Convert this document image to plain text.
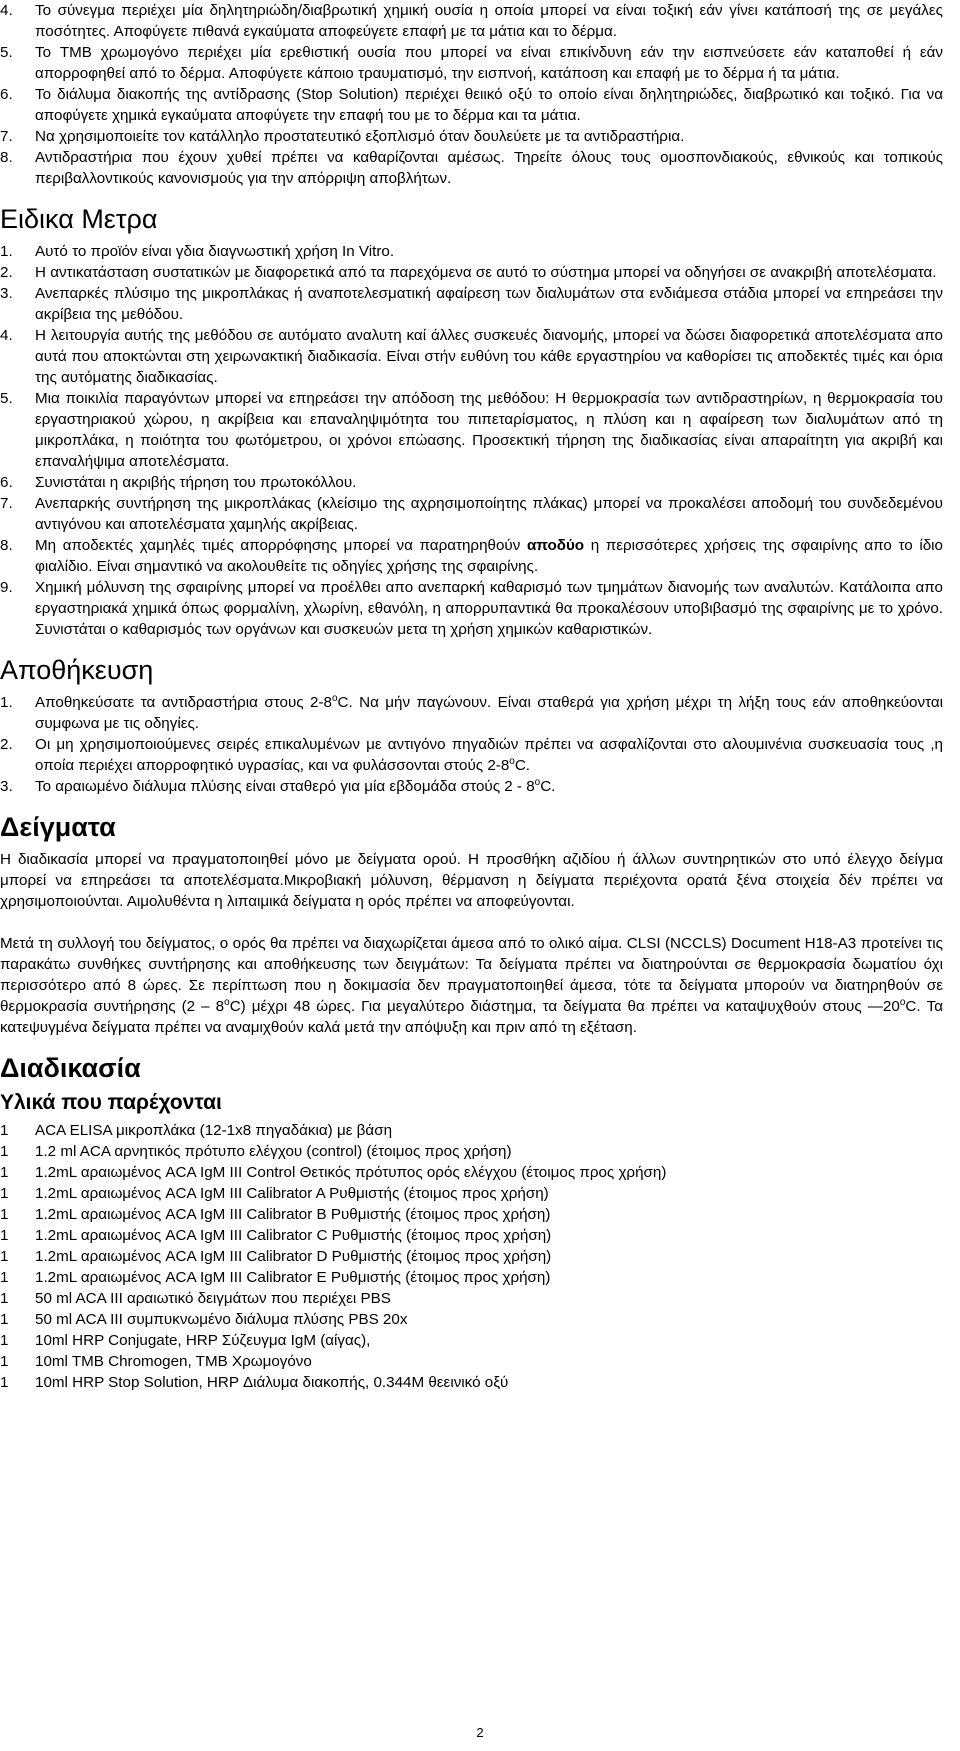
4. Το σύνεγμα περιέχει μία δηλητηριώδη/διαβρωτική χημική ουσία η οποία μπορεί να είναι τοξική εάν γίνει κατάποσή της σε μεγάλες ποσότητες. Αποφύγετε πιθανά εγκαύματα αποφεύγετε επαφή με τα μάτια και το δέρμα.
5. Το TMB χρωμογόνο περιέχει μία ερεθιστική ουσία που μπορεί να είναι επικίνδυνη εάν την εισπνεύσετε εάν καταποθεί ή εάν απορροφηθεί από το δέρμα. Αποφύγετε κάποιο τραυματισμό, την εισπνοή, κατάποση και επαφή με το δέρμα ή τα μάτια.
6. Το διάλυμα διακοπής της αντίδρασης (Stop Solution) περιέχει θειικό οξύ το οποίο είναι δηλητηριώδες, διαβρωτικό και τοξικό. Για να αποφύγετε χημικά εγκαύματα αποφύγετε την επαφή του με το δέρμα και τα μάτια.
7. Να χρησιμοποιείτε τον κατάλληλο προστατευτικό εξοπλισμό όταν δουλεύετε με τα αντιδραστήρια.
8. Αντιδραστήρια που έχουν χυθεί πρέπει να καθαρίζονται αμέσως. Τηρείτε όλους τους ομοσπονδιακούς, εθνικούς και τοπικούς περιβαλλοντικούς κανονισμούς για την απόρριψη αποβλήτων.
Ειδικα Μετρα
1. Αυτό το προϊόν είναι γδια διαγνωστική χρήση In Vitro.
2. Η αντικατάσταση συστατικών με διαφορετικά από τα παρεχόμενα σε αυτό το σύστημα μπορεί να οδηγήσει σε ανακριβή αποτελέσματα.
3. Ανεπαρκές πλύσιμο της μικροπλάκας ή αναποτελεσματική αφαίρεση των διαλυμάτων στα ενδιάμεσα στάδια μπορεί να επηρεάσει την ακρίβεια της μεθόδου.
4. Η λειτουργία αυτής της μεθόδου σε αυτόματο αναλυτη καί άλλες συσκευές διανομής, μπορεί να δώσει διαφορετικά αποτελέσματα απο αυτά που αποκτώνται στη χειρωνακτική διαδικασία. Είναι στήν ευθύνη του κάθε εργαστηρίου να καθορίσει τις αποδεκτές τιμές και όρια της αυτόματης διαδικασίας.
5. Μια ποικιλία παραγόντων μπορεί να επηρεάσει την απόδοση της μεθόδου: Η θερμοκρασία των αντιδραστηρίων, η θερμοκρασία του εργαστηριακού χώρου, η ακρίβεια και επαναληψιμότητα του πιπεταρίσματος, η πλύση και η αφαίρεση των διαλυμάτων από τη μικροπλάκα, η ποιότητα του φωτόμετρου, οι χρόνοι επώασης. Προσεκτική τήρηση της διαδικασίας είναι απαραίτητη για ακριβή και επαναλήψιμα αποτελέσματα.
6. Συνιστάται η ακριβής τήρηση του πρωτοκόλλου.
7. Ανεπαρκής συντήρηση της μικροπλάκας (κλείσιμο της αχρησιμοποίητης πλάκας) μπορεί να προκαλέσει αποδομή του συνδεδεμένου αντιγόνου και αποτελέσματα χαμηλής ακρίβειας.
8. Μη αποδεκτές χαμηλές τιμές απορρόφησης μπορεί να παρατηρηθούν αποδύο η περισσότερες χρήσεις της σφαιρίνης απο το ίδιο φιαλίδιο. Είναι σημαντικό να ακολουθείτε τις οδηγίες χρήσης της σφαιρίνης.
9. Χημική μόλυνση της σφαιρίνης μπορεί να προέλθει απο ανεπαρκή καθαρισμό των τμημάτων διανομής των αναλυτών. Κατάλοιπα απο εργαστηριακά χημικά όπως φορμαλίνη, χλωρίνη, εθανόλη, η απορρυπαντικά θα προκαλέσουν υποβιβασμό της σφαιρίνης με το χρόνο. Συνιστάται ο καθαρισμός των οργάνων και συσκευών μετα τη χρήση χημικών καθαριστικών.
Αποθήκευση
1. Αποθηκεύσατε τα αντιδραστήρια στους 2-8$^o$C. Να μήν παγώνουν. Είναι σταθερά για χρήση μέχρι τη λήξη τους εάν αποθηκεύονται συμφωνα με τις οδηγίες.
2. Οι μη χρησιμοποιούμενες σειρές επικαλυμένων με αντιγόνο πηγαδιών πρέπει να ασφαλίζονται στο αλουμινένια συσκευασία τους ,η οποία περιέχει απορροφητικό υγρασίας, και να φυλάσσονται στούς 2-8$^o$C.
3. Το αραιωμένο διάλυμα πλύσης είναι σταθερό για μία εβδομάδα στούς 2 - 8$^o$C.
Δείγματα

Η διαδικασία μπορεί να πραγματοποιηθεί μόνο με δείγματα ορού. Η προσθήκη αζιδίου ή άλλων συντηρητικών στο υπό έλεγχο δείγμα μπορεί να επηρεάσει τα αποτελέσματα.Μικροβιακή μόλυνση, θέρμανση η δείγματα περιέχοντα ορατά ξένα στοιχεία δέν πρέπει να χρησιμοποιούνται. Αιμολυθέντα η λιπαιμικά δείγματα η ορός πρέπει να αποφεύγονται.

Μετά τη συλλογή του δείγματος, ο ορός θα πρέπει να διαχωρίζεται άμεσα από το ολικό αίμα. CLSI (NCCLS) Document H18-A3 προτείνει τις παρακάτω συνθήκες συντήρησης και αποθήκευσης των δειγμάτων: Τα δείγματα πρέπει να διατηρούνται σε θερμοκρασία δωματίου όχι περισσότερο από 8 ώρες. Σε περίπτωση που η δοκιμασία δεν πραγματοποιηθεί άμεσα, τότε τα δείγματα μπορούν να διατηρηθούν σε θερμοκρασία συντήρησης (2 – 8$^o$C) μέχρι 48 ώρες. Για μεγαλύτερο διάστημα, τα δείγματα θα πρέπει να καταψυχθούν στους —20$^o$C. Τα κατεψυγμένα δείγματα πρέπει να αναμιχθούν καλά μετά την απόψυξη και πριν από τη εξέταση.

Διαδικασία
Υλικά που παρέχονται
1 ACA ELISA μικροπλάκα (12-1x8 πηγαδάκια) με βάση
1 1.2 ml ACA αρνητικός πρότυπο ελέγχου (control) (έτοιμος προς χρήση)
1 1.2mL αραιωμένος ACA IgM III Control Θετικός πρότυπος ορός ελέγχου (έτοιμος προς χρήση)
1 1.2mL αραιωμένος ACA IgM III Calibrator A Ρυθμιστής (έτοιμος προς χρήση)
1 1.2mL αραιωμένος ACA IgM III Calibrator B Ρυθμιστής (έτοιμος προς χρήση)
1 1.2mL αραιωμένος ACA IgM III Calibrator C Ρυθμιστής (έτοιμος προς χρήση)
1 1.2mL αραιωμένος ACA IgM III Calibrator D Ρυθμιστής (έτοιμος προς χρήση)
1 1.2mL αραιωμένος ACA IgM III Calibrator E Ρυθμιστής (έτοιμος προς χρήση)
1 50 ml ACA III αραιωτικό δειγμάτων που περιέχει PBS
1 50 ml ACA III συμπυκνωμένο διάλυμα πλύσης PBS 20x
1 10ml HRP Conjugate, HRP Σύζευγμα IgM (αίγας),
1 10ml TMB Chromogen, TMB Χρωμογόνο
1 10ml HRP Stop Solution, HRP Διάλυμα διακοπής, 0.344M θεεινικό οξύ
2
